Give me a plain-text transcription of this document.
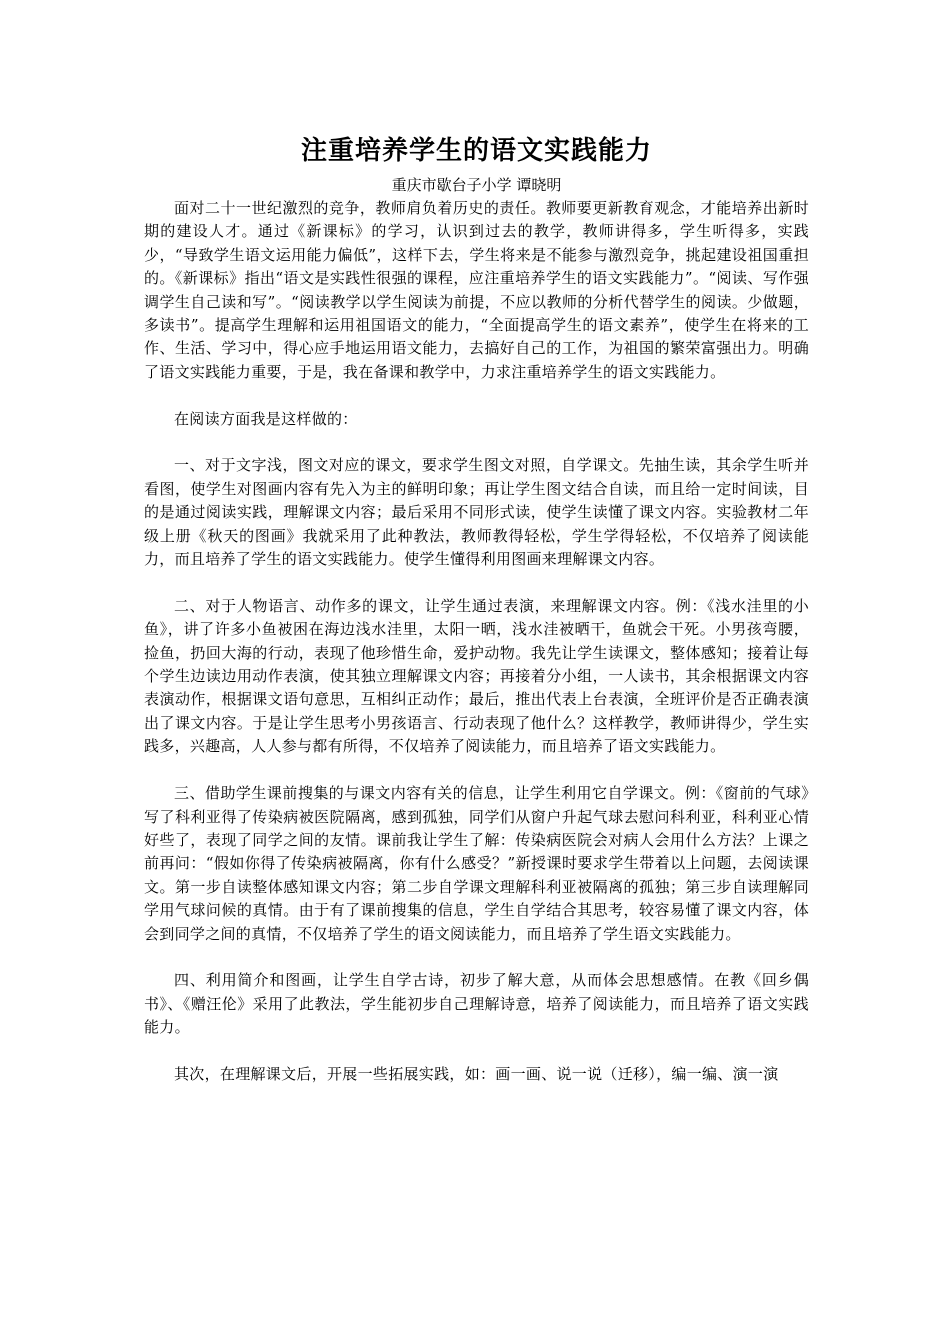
注重培养学生的语文实践能力
重庆市歇台子小学 谭晓明

面对二十一世纪激烈的竞争，教师肩负着历史的责任。教师要更新教育观念，才能培养出新时期的建设人才。通过《新课标》的学习，认识到过去的教学，教师讲得多，学生听得多，实践少，“导致学生语文运用能力偏低”，这样下去，学生将来是不能参与激烈竞争，挑起建设祖国重担的。《新课标》指出“语文是实践性很强的课程，应注重培养学生的语文实践能力”。“阅读、写作强调学生自己读和写”。“阅读教学以学生阅读为前提，不应以教师的分析代替学生的阅读。少做题，多读书”。提高学生理解和运用祖国语文的能力，“全面提高学生的语文素养”，使学生在将来的工作、生活、学习中，得心应手地运用语文能力，去搞好自己的工作，为祖国的繁荣富强出力。明确了语文实践能力重要，于是，我在备课和教学中，力求注重培养学生的语文实践能力。

在阅读方面我是这样做的：

一、对于文字浅，图文对应的课文，要求学生图文对照，自学课文。先抽生读，其余学生听并看图，使学生对图画内容有先入为主的鲜明印象；再让学生图文结合自读，而且给一定时间读，目的是通过阅读实践，理解课文内容；最后采用不同形式读，使学生读懂了课文内容。实验教材二年级上册《秋天的图画》我就采用了此种教法，教师教得轻松，学生学得轻松，不仅培养了阅读能力，而且培养了学生的语文实践能力。使学生懂得利用图画来理解课文内容。

二、对于人物语言、动作多的课文，让学生通过表演，来理解课文内容。例：《浅水洼里的小鱼》，讲了许多小鱼被困在海边浅水洼里，太阳一晒，浅水洼被晒干，鱼就会干死。小男孩弯腰，捡鱼，扔回大海的行动，表现了他珍惜生命，爱护动物。我先让学生读课文，整体感知；接着让每个学生边读边用动作表演，使其独立理解课文内容；再接着分小组，一人读书，其余根据课文内容表演动作，根据课文语句意思，互相纠正动作；最后，推出代表上台表演，全班评价是否正确表演出了课文内容。于是让学生思考小男孩语言、行动表现了他什么？这样教学，教师讲得少，学生实践多，兴趣高，人人参与都有所得，不仅培养了阅读能力，而且培养了语文实践能力。

三、借助学生课前搜集的与课文内容有关的信息，让学生利用它自学课文。例：《窗前的气球》写了科利亚得了传染病被医院隔离，感到孤独，同学们从窗户升起气球去慰问科利亚，科利亚心情好些了，表现了同学之间的友情。课前我让学生了解：传染病医院会对病人会用什么方法？上课之前再问：“假如你得了传染病被隔离，你有什么感受？”新授课时要求学生带着以上问题，去阅读课文。第一步自读整体感知课文内容；第二步自学课文理解科利亚被隔离的孤独；第三步自读理解同学用气球问候的真情。由于有了课前搜集的信息，学生自学结合其思考，较容易懂了课文内容，体会到同学之间的真情，不仅培养了学生的语文阅读能力，而且培养了学生语文实践能力。

四、利用简介和图画，让学生自学古诗，初步了解大意，从而体会思想感情。在教《回乡偶书》、《赠汪伦》采用了此教法，学生能初步自己理解诗意，培养了阅读能力，而且培养了语文实践能力。

其次，在理解课文后，开展一些拓展实践，如：画一画、说一说（迁移），编一编、演一演
